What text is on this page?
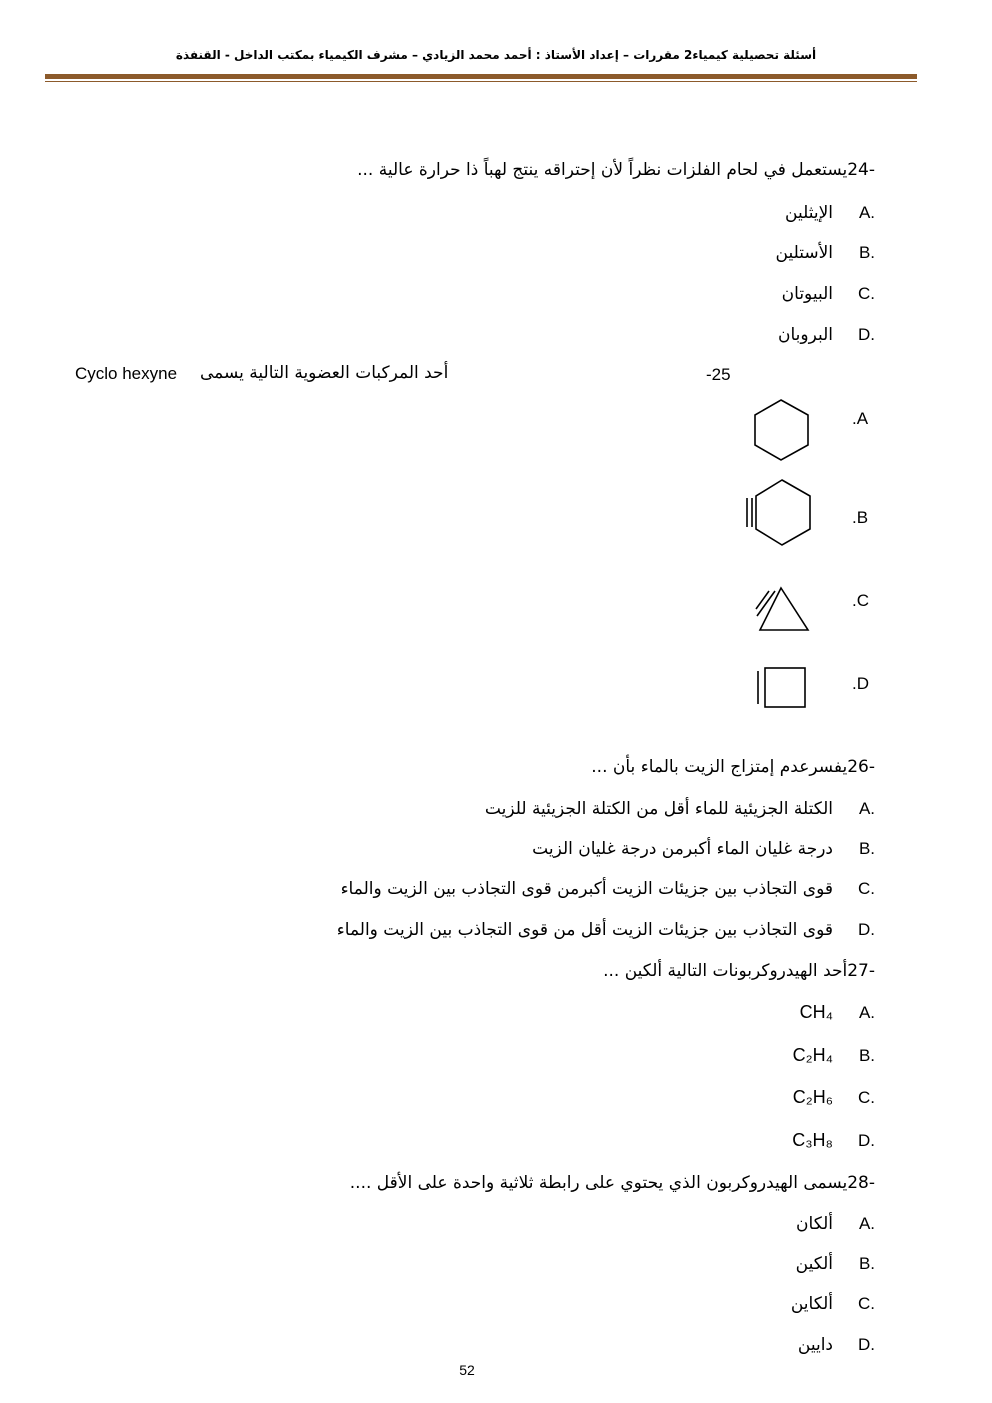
أسئلة تحصيلية كيمياء2 مقررات – إعداد الأستاذ : أحمد محمد الزيادي – مشرف الكيمياء بمكتب الداخل - القنفذة
24-يستعمل في لحام الفلزات نظراً لأن إحتراقه ينتج لهباً ذا حرارة عالية ...
A.الإيثلين
B.الأستلين
C.البيوتان
D.البروبان
-25
أحد المركبات العضوية التالية يسمى
Cyclo hexyne
.A
.B
.C
.D
26-يفسرعدم إمتزاج الزيت بالماء بأن ...
A.الكتلة الجزيئية للماء أقل من الكتلة الجزيئية للزيت
B.درجة غليان الماء أكبرمن درجة غليان الزيت
C.قوى التجاذب بين جزيئات الزيت أكبرمن قوى التجاذب بين الزيت والماء
D.قوى التجاذب بين جزيئات الزيت أقل من قوى التجاذب بين الزيت والماء
27-أحد الهيدروكربونات التالية ألكين ...
A.CH₄
B.C₂H₄
C.C₂H₆
D.C₃H₈
28-يسمى الهيدروكربون الذي يحتوي على رابطة ثلاثية واحدة على الأقل ....
A.ألكان
B.ألكين
C.ألكاين
D.دايين
52
